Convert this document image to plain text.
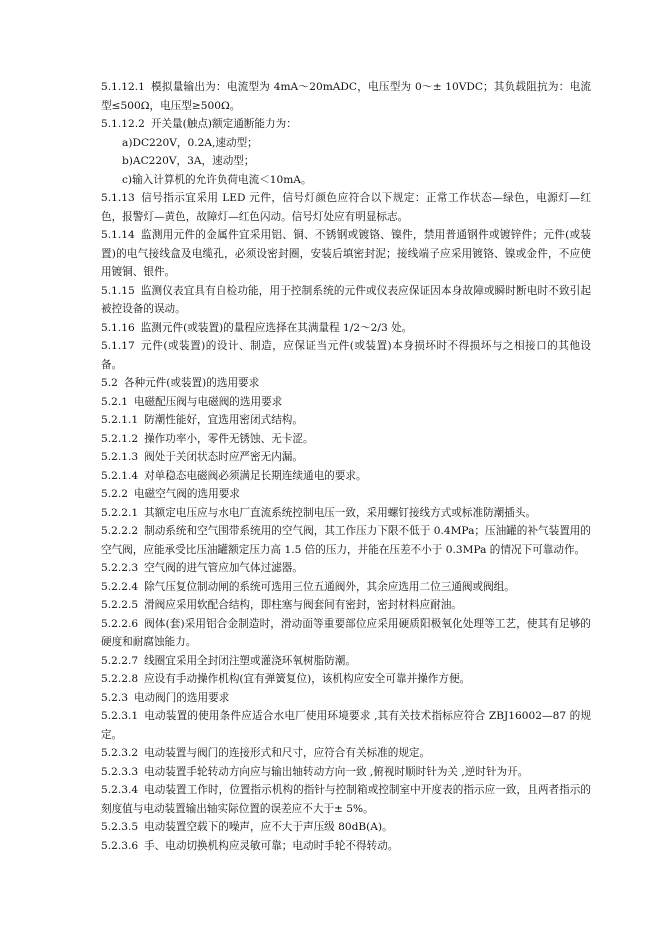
5.1.12.1 模拟量输出为：电流型为 4mA～20mADC，电压型为 0～± 10VDC；其负载阻抗为：电流型≤500Ω，电压型≥500Ω。

5.1.12.2 开关量(触点)额定通断能力为：

a)DC220V，0.2A,速动型；

b)AC220V，3A，速动型；

c)输入计算机的允许负荷电流＜10mA。

5.1.13 信号指示宜采用 LED 元件，信号灯颜色应符合以下规定：正常工作状态—绿色，电源灯—红色，报警灯—黄色，故障灯—红色闪动。信号灯处应有明显标志。

5.1.14 监测用元件的金属件宜采用铝、铜、不锈钢或镀铬、镍件，禁用普通钢件或镀锌件；元件(或装置)的电气接线盒及电缆孔，必须设密封圈，安装后填密封泥；接线端子应采用镀铬、镍或金件，不应使用镀铜、银件。

5.1.15 监测仪表宜具有自检功能，用于控制系统的元件或仪表应保证因本身故障或瞬时断电时不致引起被控设备的误动。

5.1.16 监测元件(或装置)的量程应选择在其满量程 1/2～2/3 处。

5.1.17 元件(或装置)的设计、制造，应保证当元件(或装置)本身损坏时不得损坏与之相接口的其他设备。

5.2 各种元件(或装置)的选用要求

5.2.1 电磁配压阀与电磁阀的选用要求

5.2.1.1 防潮性能好，宜选用密闭式结构。

5.2.1.2 操作功率小，零件无锈蚀、无卡涩。

5.2.1.3 阀处于关闭状态时应严密无内漏。

5.2.1.4 对单稳态电磁阀必须满足长期连续通电的要求。

5.2.2 电磁空气阀的选用要求

5.2.2.1 其额定电压应与水电厂直流系统控制电压一致，采用螺钉接线方式或标准防潮插头。

5.2.2.2 制动系统和空气围带系统用的空气阀，其工作压力下限不低于 0.4MPa；压油罐的补气装置用的空气阀，应能承受比压油罐额定压力高 1.5 倍的压力，并能在压差不小于 0.3MPa 的情况下可靠动作。

5.2.2.3 空气阀的进气管应加气体过滤器。

5.2.2.4 除气压复位制动闸的系统可选用三位五通阀外，其余应选用二位三通阀或阀组。

5.2.2.5 滑阀应采用软配合结构，即柱塞与阀套间有密封，密封材料应耐油。

5.2.2.6 阀体(套)采用铝合金制造时，滑动面等重要部位应采用硬质阳极氧化处理等工艺，使其有足够的硬度和耐腐蚀能力。

5.2.2.7 线圈宜采用全封闭注塑或灌浇环氧树脂防潮。

5.2.2.8 应设有手动操作机构(宜有弹簧复位)，该机构应安全可靠并操作方便。

5.2.3 电动阀门的选用要求

5.2.3.1 电动装置的使用条件应适合水电厂使用环境要求 ,其有关技术指标应符合 ZBJ16002—87 的规定。

5.2.3.2 电动装置与阀门的连接形式和尺寸，应符合有关标准的规定。

5.2.3.3 电动装置手轮转动方向应与输出轴转动方向一致 ,俯视时顺时针为关 ,逆时针为开。

5.2.3.4 电动装置工作时，位置指示机构的指针与控制箱或控制室中开度表的指示应一致，且两者指示的刻度值与电动装置输出轴实际位置的误差应不大于± 5%。

5.2.3.5 电动装置空载下的噪声，应不大于声压级 80dB(A)。

5.2.3.6 手、电动切换机构应灵敏可靠；电动时手轮不得转动。
